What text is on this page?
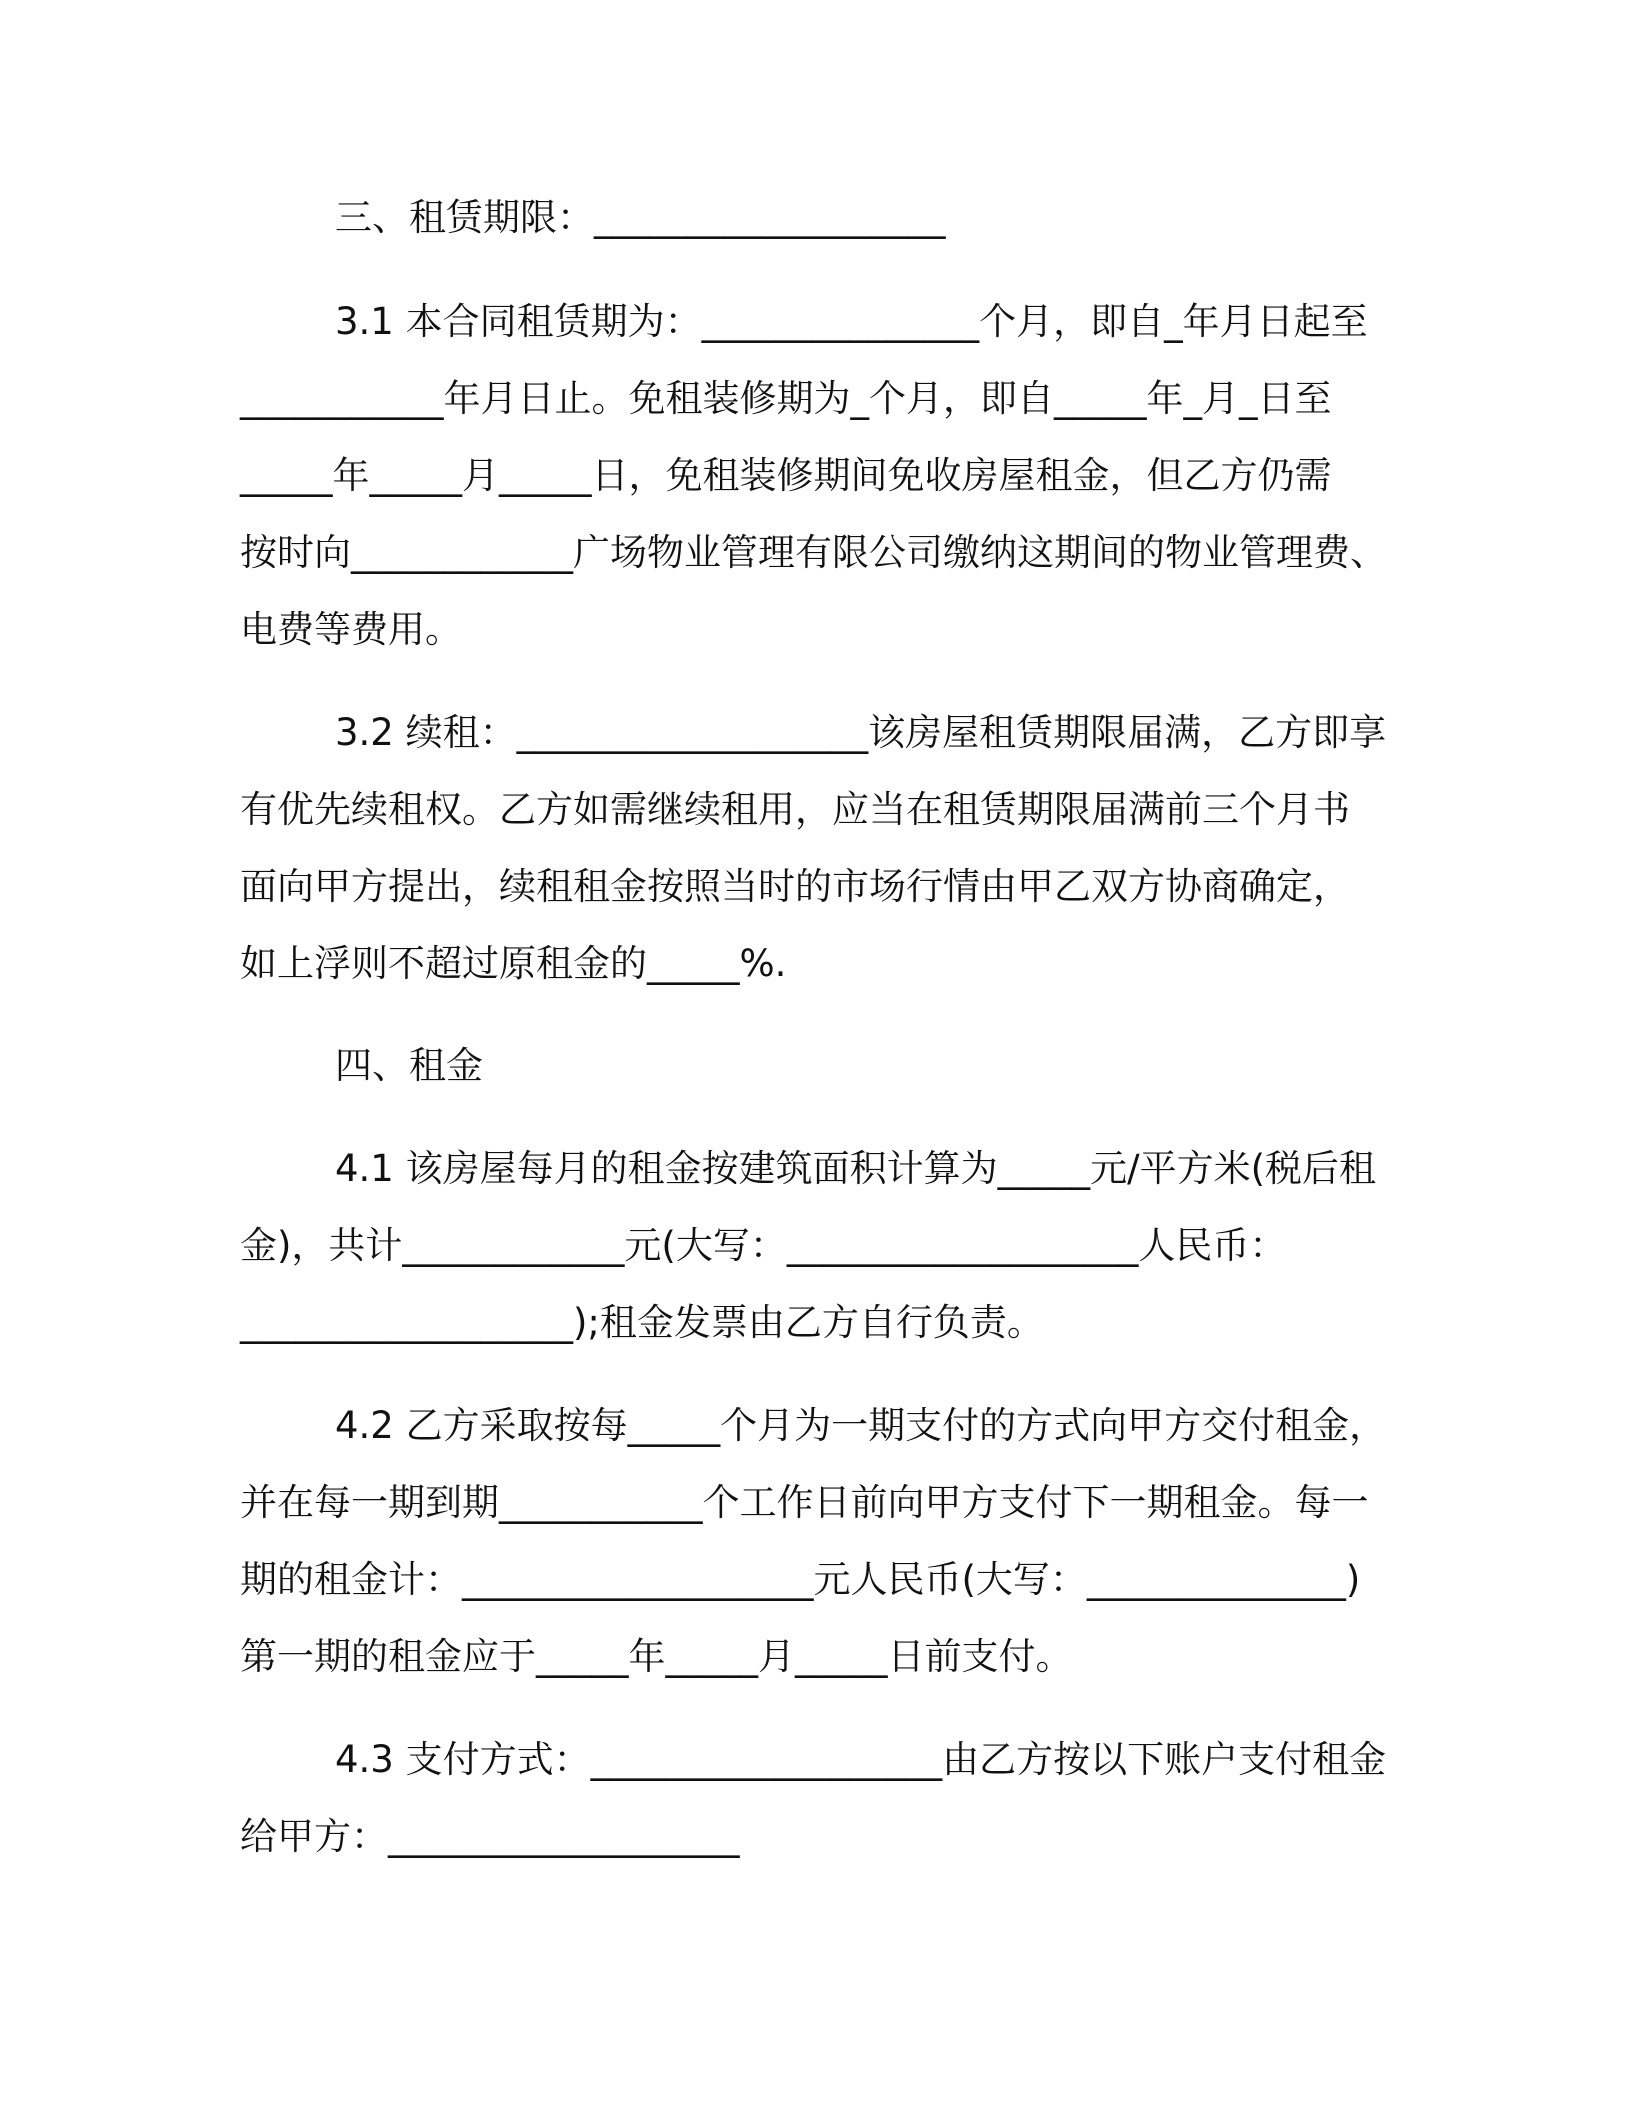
三、租赁期限：___________________
3.1 本合同租赁期为：_______________个月，即自_年月日起至
___________年月日止。免租装修期为_个月，即自_____年_月_日至
_____年_____月_____日，免租装修期间免收房屋租金，但乙方仍需
按时向____________广场物业管理有限公司缴纳这期间的物业管理费、
电费等费用。
3.2 续租：___________________该房屋租赁期限届满，乙方即享
有优先续租权。乙方如需继续租用，应当在租赁期限届满前三个月书
面向甲方提出，续租租金按照当时的市场行情由甲乙双方协商确定，
如上浮则不超过原租金的_____%.
四、租金
4.1 该房屋每月的租金按建筑面积计算为_____元/平方米(税后租
金)，共计____________元(大写：___________________人民币：
__________________);租金发票由乙方自行负责。
4.2 乙方采取按每_____个月为一期支付的方式向甲方交付租金，
并在每一期到期___________个工作日前向甲方支付下一期租金。每一
期的租金计：___________________元人民币(大写：______________)
第一期的租金应于_____年_____月_____日前支付。
4.3 支付方式：___________________由乙方按以下账户支付租金
给甲方：___________________
